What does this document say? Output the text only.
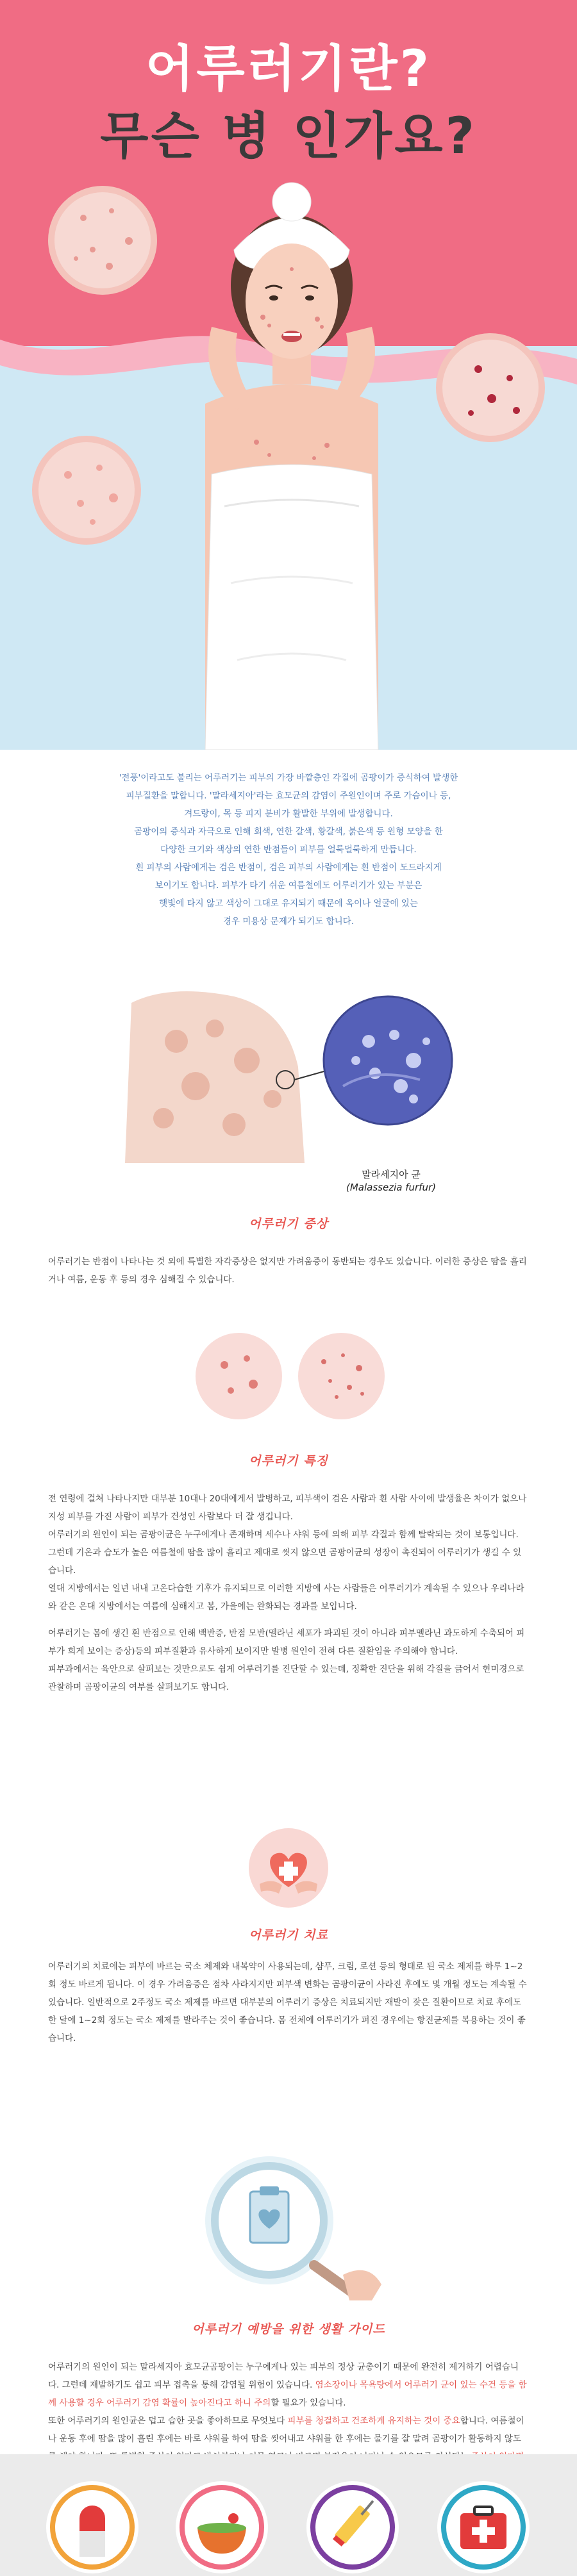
어루러기란?
무슨 병 인가요?
'전풍'이라고도 불리는 어루러기는 피부의 가장 바깥층인 각질에 곰팡이가 증식하여 발생한
피부질환을 말합니다. '말라세지아'라는 효모균의 감염이 주원인이며 주로 가슴이나 등,
겨드랑이, 목 등 피지 분비가 활발한 부위에 발생합니다.
곰팡이의 증식과 자극으로 인해 회색, 연한 갈색, 황갈색, 붉은색 등 원형 모양을 한
다양한 크기와 색상의 연한 반점들이 피부를 얼룩덜룩하게 만듭니다.
흰 피부의 사람에게는 검은 반점이, 검은 피부의 사람에게는 흰 반점이 도드라지게
보이기도 합니다. 피부가 타기 쉬운 여름철에도 어루러기가 있는 부분은
햇빛에 타지 않고 색상이 그대로 유지되기 때문에 옥이나 얼굴에 있는
경우 미용상 문제가 되기도 합니다.
말라세지아 균
(Malassezia furfur)
어루러기 증상

어루러기는 반점이 나타나는 것 외에 특별한 자각증상은 없지만 가려움증이 동반되는 경우도 있습니다. 이러한 증상은 땀을 흘리거나 여름, 운동 후 등의 경우 심해질 수 있습니다.

어루러기 특징

전 연령에 걸쳐 나타나지만 대부분 10대나 20대에게서 발병하고, 피부색이 검은 사람과 흰 사람 사이에 발생율은 차이가 없으나 지성 피부를 가진 사람이 피부가 건성인 사람보다 더 잘 생깁니다.

어루러기의 원인이 되는 곰팡이균은 누구에게나 존재하며 세수나 샤워 등에 의해 피부 각질과 함께 탈락되는 것이 보통입니다. 그런데 기온과 습도가 높은 여름철에 땀을 많이 흘리고 제대로 씻지 않으면 곰팡이균의 성장이 촉진되어 어루러기가 생길 수 있습니다.

열대 지방에서는 일년 내내 고온다습한 기후가 유지되므로 이러한 지방에 사는 사람들은 어루러기가 계속될 수 있으나 우리나라와 같은 온대 지방에서는 여름에 심해지고 봄, 가을에는 완화되는 경과를 보입니다.

어루러기는 몸에 생긴 흰 반점으로 인해 백반증, 반점 모반(멜라닌 세포가 파괴된 것이 아니라 피부멜라닌 과도하게 수축되어 피부가 희게 보이는 증상)등의 피부질환과 유사하게 보이지만 발병 원인이 전혀 다른 질환임을 주의해야 합니다.

피부과에서는 육안으로 살펴보는 것만으로도 쉽게 어루러기를 진단할 수 있는데, 정확한 진단을 위해 각질을 긁어서 현미경으로 관찰하며 곰팡이균의 여부를 살펴보기도 합니다.

어루러기 치료

어루러기의 치료에는 피부에 바르는 국소 체제와 내복약이 사용되는데, 샴푸, 크림, 로션 등의 형태로 된 국소 제제를 하루 1~2회 정도 바르게 됩니다. 이 경우 가려움증은 점차 사라지지만 피부색 변화는 곰팡이균이 사라진 후에도 몇 개월 정도는 계속될 수 있습니다. 일반적으로 2주정도 국소 제제를 바르면 대부분의 어루러기 증상은 치료되지만 재발이 잦은 질환이므로 치료 후에도 한 달에 1~2회 정도는 국소 제제를 발라주는 것이 좋습니다. 몸 전체에 어루러기가 퍼진 경우에는 항진균제를 복용하는 것이 좋습니다.

어루러기 예방을 위한 생활 가이드

어루러기의 원인이 되는 말라세지아 효모균곰팡이는 누구에게나 있는 피부의 정상 균총이기 때문에 완전히 제거하기 어렵습니다. 그런데 재발하기도 쉽고 피부 접촉을 통해 감염될 위험이 있습니다. 염소장이나 목욕탕에서 어루러기 균이 있는 수건 등을 함께 사용할 경우 어루러기 감염 확률이 높아진다고 하니 주의할 필요가 있습니다.

또한 어루러기의 원인균은 덥고 습한 곳을 좋아하므로 무엇보다 피부를 청결하고 건조하게 유지하는 것이 중요합니다. 여름철이나 운동 후에 땀을 많이 흘린 후에는 바로 샤워를 하여 땀을 씻어내고 샤워를 한 후에는 물기를 잘 말려 곰팡이가 활동하지 않도
